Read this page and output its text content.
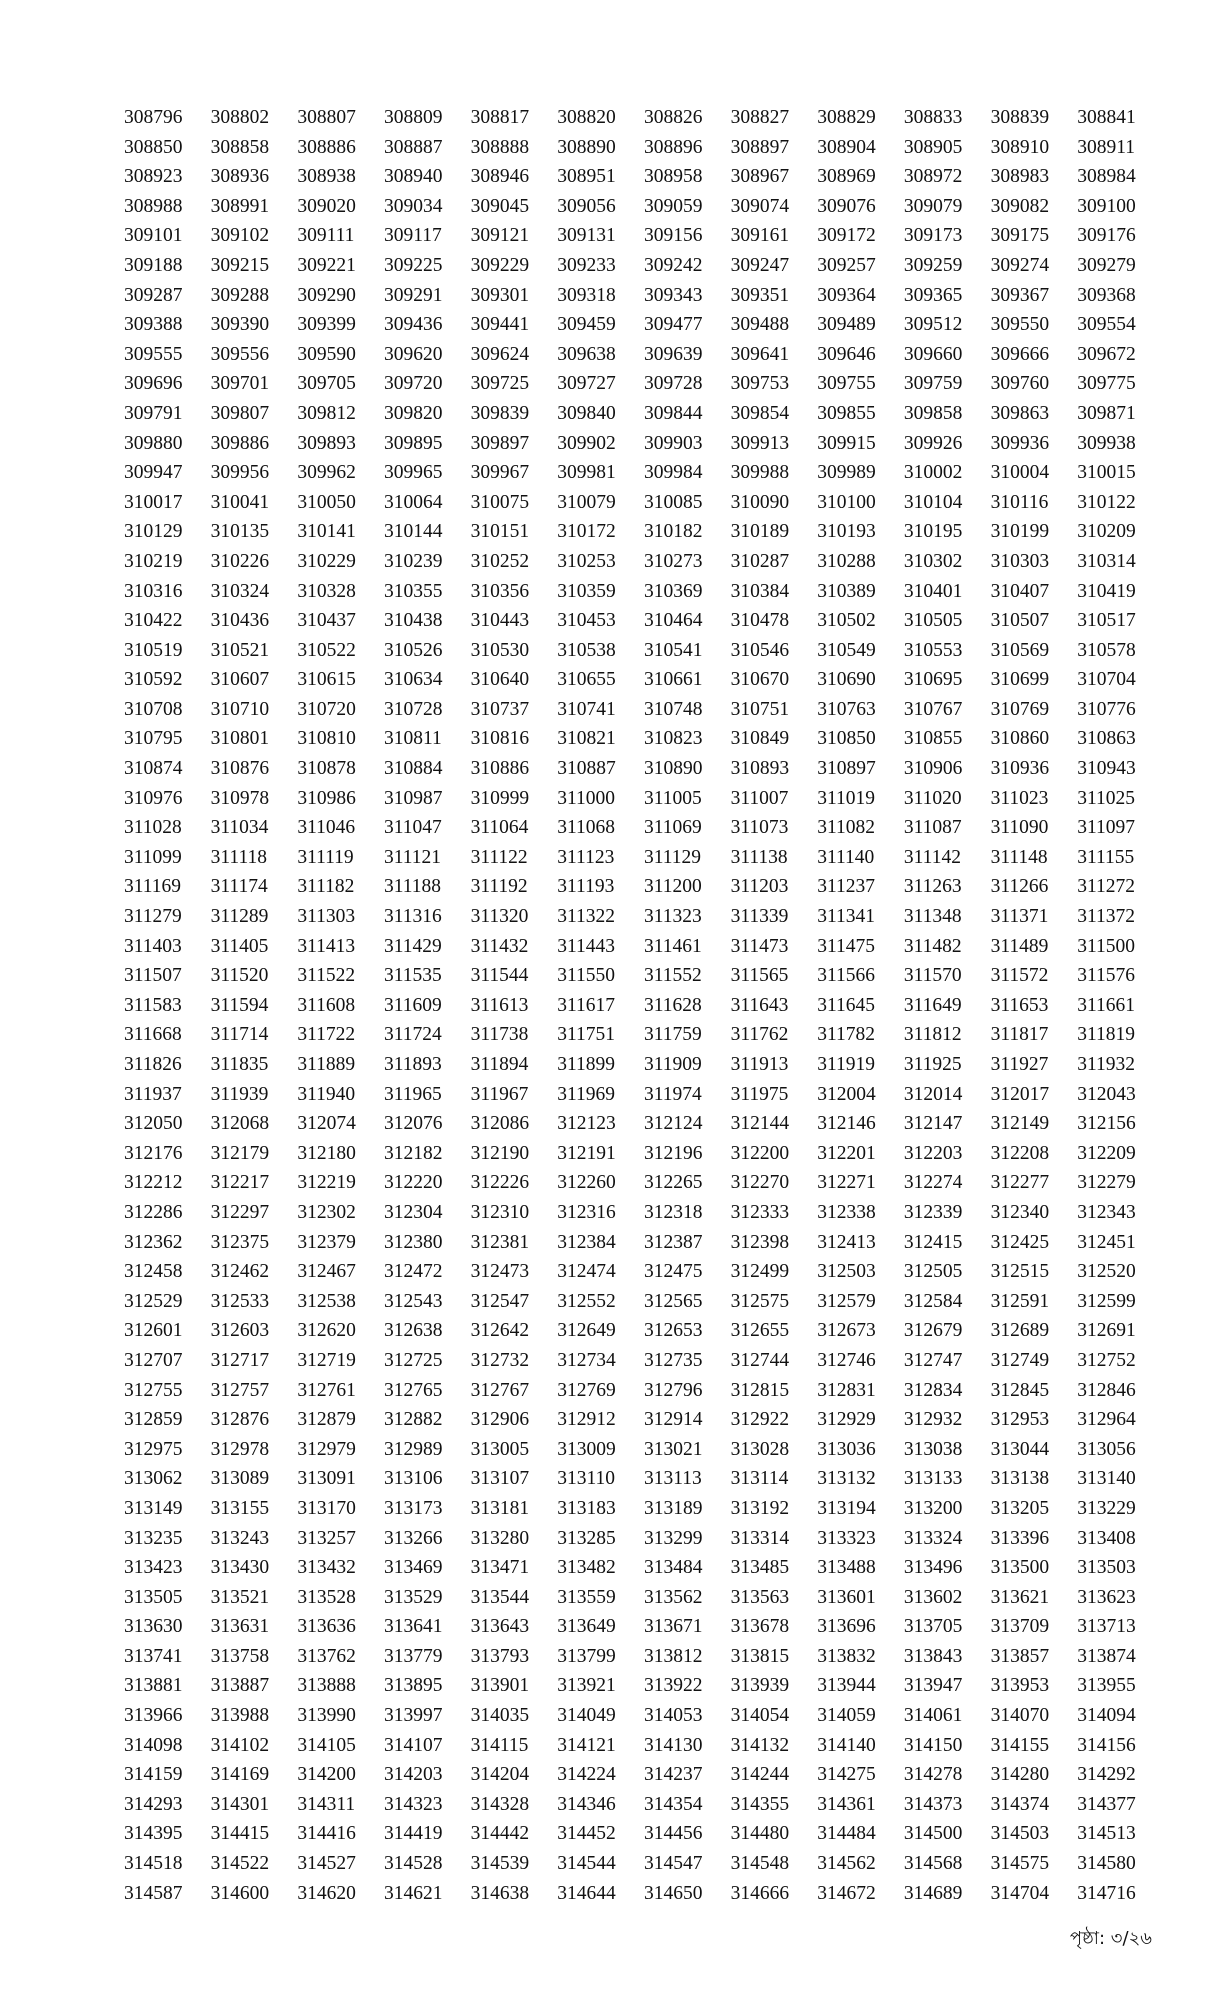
308796	308802	308807	308809	308817	308820	308826	308827	308829	308833	308839	308841
308850	308858	308886	308887	308888	308890	308896	308897	308904	308905	308910	308911
308923	308936	308938	308940	308946	308951	308958	308967	308969	308972	308983	308984
308988	308991	309020	309034	309045	309056	309059	309074	309076	309079	309082	309100
309101	309102	309111	309117	309121	309131	309156	309161	309172	309173	309175	309176
309188	309215	309221	309225	309229	309233	309242	309247	309257	309259	309274	309279
309287	309288	309290	309291	309301	309318	309343	309351	309364	309365	309367	309368
309388	309390	309399	309436	309441	309459	309477	309488	309489	309512	309550	309554
309555	309556	309590	309620	309624	309638	309639	309641	309646	309660	309666	309672
309696	309701	309705	309720	309725	309727	309728	309753	309755	309759	309760	309775
309791	309807	309812	309820	309839	309840	309844	309854	309855	309858	309863	309871
309880	309886	309893	309895	309897	309902	309903	309913	309915	309926	309936	309938
309947	309956	309962	309965	309967	309981	309984	309988	309989	310002	310004	310015
310017	310041	310050	310064	310075	310079	310085	310090	310100	310104	310116	310122
310129	310135	310141	310144	310151	310172	310182	310189	310193	310195	310199	310209
310219	310226	310229	310239	310252	310253	310273	310287	310288	310302	310303	310314
310316	310324	310328	310355	310356	310359	310369	310384	310389	310401	310407	310419
310422	310436	310437	310438	310443	310453	310464	310478	310502	310505	310507	310517
310519	310521	310522	310526	310530	310538	310541	310546	310549	310553	310569	310578
310592	310607	310615	310634	310640	310655	310661	310670	310690	310695	310699	310704
310708	310710	310720	310728	310737	310741	310748	310751	310763	310767	310769	310776
310795	310801	310810	310811	310816	310821	310823	310849	310850	310855	310860	310863
310874	310876	310878	310884	310886	310887	310890	310893	310897	310906	310936	310943
310976	310978	310986	310987	310999	311000	311005	311007	311019	311020	311023	311025
311028	311034	311046	311047	311064	311068	311069	311073	311082	311087	311090	311097
311099	311118	311119	311121	311122	311123	311129	311138	311140	311142	311148	311155
311169	311174	311182	311188	311192	311193	311200	311203	311237	311263	311266	311272
311279	311289	311303	311316	311320	311322	311323	311339	311341	311348	311371	311372
311403	311405	311413	311429	311432	311443	311461	311473	311475	311482	311489	311500
311507	311520	311522	311535	311544	311550	311552	311565	311566	311570	311572	311576
311583	311594	311608	311609	311613	311617	311628	311643	311645	311649	311653	311661
311668	311714	311722	311724	311738	311751	311759	311762	311782	311812	311817	311819
311826	311835	311889	311893	311894	311899	311909	311913	311919	311925	311927	311932
311937	311939	311940	311965	311967	311969	311974	311975	312004	312014	312017	312043
312050	312068	312074	312076	312086	312123	312124	312144	312146	312147	312149	312156
312176	312179	312180	312182	312190	312191	312196	312200	312201	312203	312208	312209
312212	312217	312219	312220	312226	312260	312265	312270	312271	312274	312277	312279
312286	312297	312302	312304	312310	312316	312318	312333	312338	312339	312340	312343
312362	312375	312379	312380	312381	312384	312387	312398	312413	312415	312425	312451
312458	312462	312467	312472	312473	312474	312475	312499	312503	312505	312515	312520
312529	312533	312538	312543	312547	312552	312565	312575	312579	312584	312591	312599
312601	312603	312620	312638	312642	312649	312653	312655	312673	312679	312689	312691
312707	312717	312719	312725	312732	312734	312735	312744	312746	312747	312749	312752
312755	312757	312761	312765	312767	312769	312796	312815	312831	312834	312845	312846
312859	312876	312879	312882	312906	312912	312914	312922	312929	312932	312953	312964
312975	312978	312979	312989	313005	313009	313021	313028	313036	313038	313044	313056
313062	313089	313091	313106	313107	313110	313113	313114	313132	313133	313138	313140
313149	313155	313170	313173	313181	313183	313189	313192	313194	313200	313205	313229
313235	313243	313257	313266	313280	313285	313299	313314	313323	313324	313396	313408
313423	313430	313432	313469	313471	313482	313484	313485	313488	313496	313500	313503
313505	313521	313528	313529	313544	313559	313562	313563	313601	313602	313621	313623
313630	313631	313636	313641	313643	313649	313671	313678	313696	313705	313709	313713
313741	313758	313762	313779	313793	313799	313812	313815	313832	313843	313857	313874
313881	313887	313888	313895	313901	313921	313922	313939	313944	313947	313953	313955
313966	313988	313990	313997	314035	314049	314053	314054	314059	314061	314070	314094
314098	314102	314105	314107	314115	314121	314130	314132	314140	314150	314155	314156
314159	314169	314200	314203	314204	314224	314237	314244	314275	314278	314280	314292
314293	314301	314311	314323	314328	314346	314354	314355	314361	314373	314374	314377
314395	314415	314416	314419	314442	314452	314456	314480	314484	314500	314503	314513
314518	314522	314527	314528	314539	314544	314547	314548	314562	314568	314575	314580
314587	314600	314620	314621	314638	314644	314650	314666	314672	314689	314704	314716
পৃষ্ঠা: ৩/২৬
